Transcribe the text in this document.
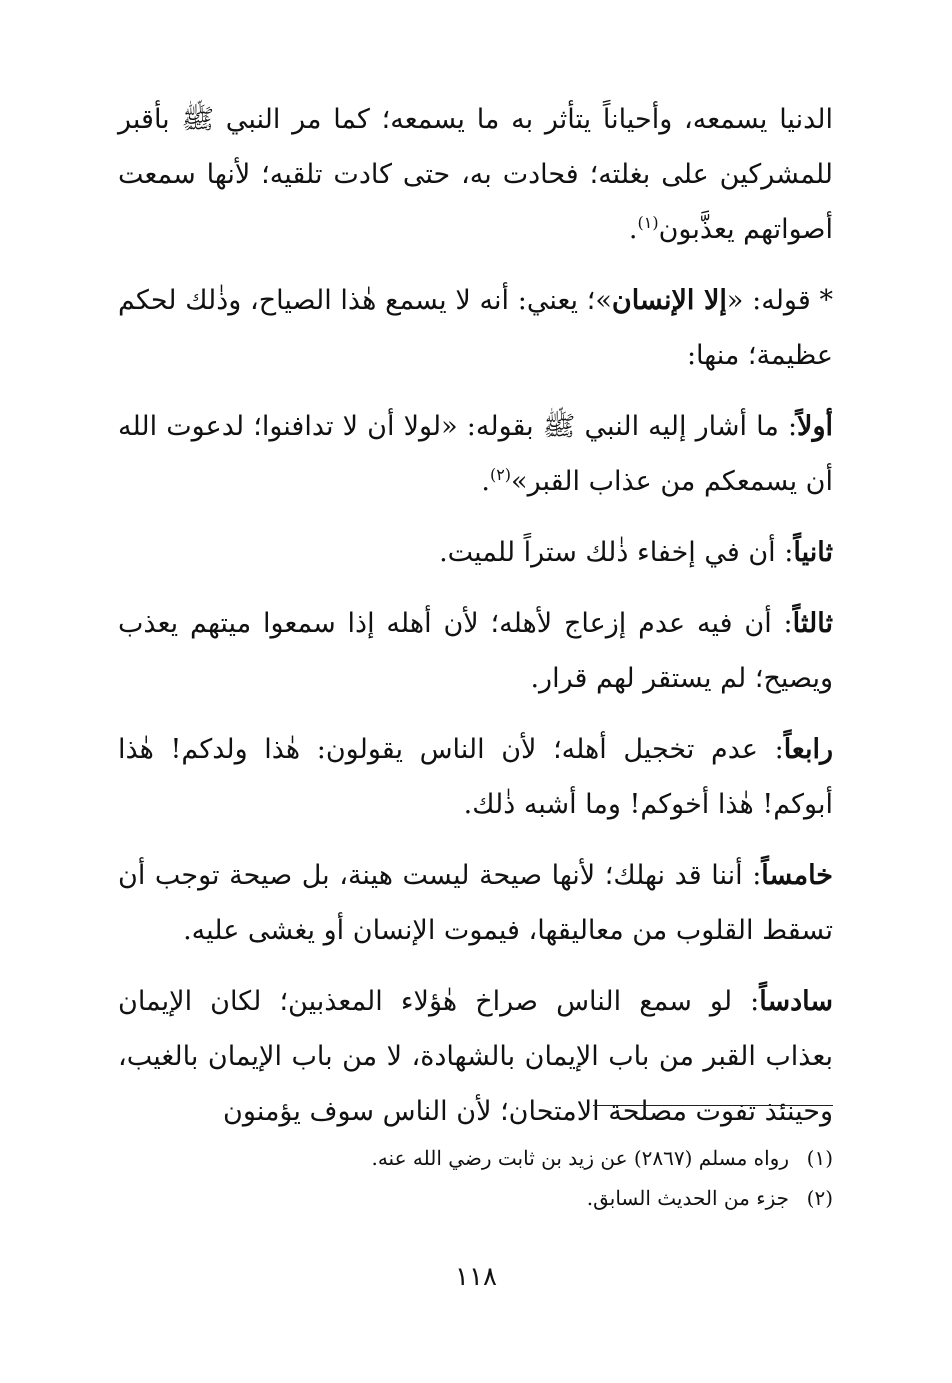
الدنيا يسمعه، وأحياناً يتأثر به ما يسمعه؛ كما مر النبي ﷺ بأقبر للمشركين على بغلته؛ فحادت به، حتى كادت تلقيه؛ لأنها سمعت أصواتهم يعذَّبون$^{(١)}$.

* قوله: «إلا الإنسان»؛ يعني: أنه لا يسمع هٰذا الصياح، وذٰلك لحكم عظيمة؛ منها:

أولاً: ما أشار إليه النبي ﷺ بقوله: «لولا أن لا تدافنوا؛ لدعوت الله أن يسمعكم من عذاب القبر»$^{(٢)}$.

ثانياً: أن في إخفاء ذٰلك ستراً للميت.

ثالثاً: أن فيه عدم إزعاج لأهله؛ لأن أهله إذا سمعوا ميتهم يعذب ويصيح؛ لم يستقر لهم قرار.

رابعاً: عدم تخجيل أهله؛ لأن الناس يقولون: هٰذا ولدكم! هٰذا أبوكم! هٰذا أخوكم! وما أشبه ذٰلك.

خامساً: أننا قد نهلك؛ لأنها صيحة ليست هينة، بل صيحة توجب أن تسقط القلوب من معاليقها، فيموت الإنسان أو يغشى عليه.

سادساً: لو سمع الناس صراخ هٰؤلاء المعذبين؛ لكان الإيمان بعذاب القبر من باب الإيمان بالشهادة، لا من باب الإيمان بالغيب، وحينئذ تفوت مصلحة الامتحان؛ لأن الناس سوف يؤمنون

(١)رواه مسلم (٢٨٦٧) عن زيد بن ثابت رضي الله عنه.
(٢)جزء من الحديث السابق.
١١٨
